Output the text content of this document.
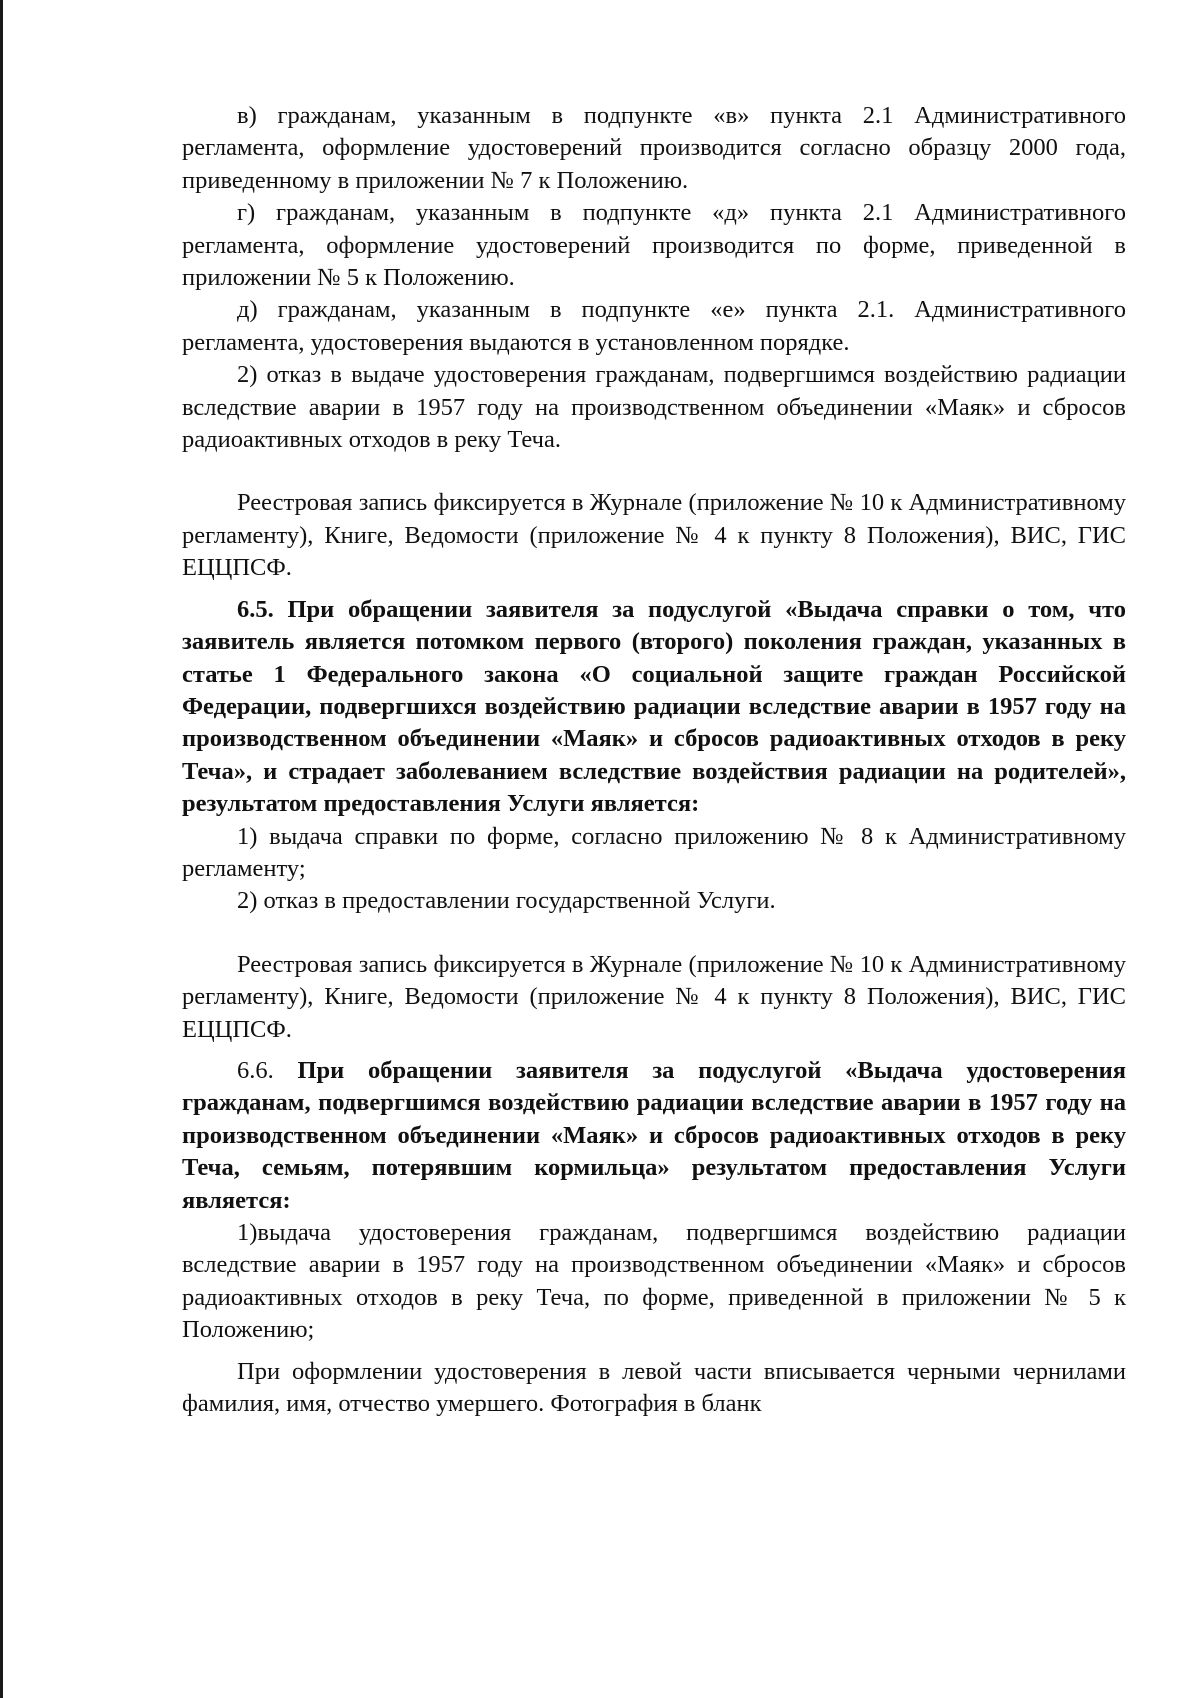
в) гражданам, указанным в подпункте «в» пункта 2.1 Административного регламента, оформление удостоверений производится согласно образцу 2000 года, приведенному в приложении № 7 к Положению.

г) гражданам, указанным в подпункте «д» пункта 2.1 Административного регламента, оформление удостоверений производится по форме, приведенной в приложении № 5 к Положению.

д) гражданам, указанным в подпункте «е» пункта 2.1. Административного регламента, удостоверения выдаются в установленном порядке.

2) отказ в выдаче удостоверения гражданам, подвергшимся воздействию радиации вследствие аварии в 1957 году на производственном объединении «Маяк» и сбросов радиоактивных отходов в реку Теча.

Реестровая запись фиксируется в Журнале (приложение № 10 к Административному регламенту), Книге, Ведомости (приложение № 4 к пункту 8 Положения), ВИС, ГИС ЕЦЦПСФ.

6.5. При обращении заявителя за подуслугой «Выдача справки о том, что заявитель является потомком первого (второго) поколения граждан, указанных в статье 1 Федерального закона «О социальной защите граждан Российской Федерации, подвергшихся воздействию радиации вследствие аварии в 1957 году на производственном объединении «Маяк» и сбросов радиоактивных отходов в реку Теча», и страдает заболеванием вследствие воздействия радиации на родителей», результатом предоставления Услуги является:

1) выдача справки по форме, согласно приложению № 8 к Административному регламенту;

2) отказ в предоставлении государственной Услуги.

Реестровая запись фиксируется в Журнале (приложение № 10 к Административному регламенту), Книге, Ведомости (приложение № 4 к пункту 8 Положения), ВИС, ГИС ЕЦЦПСФ.

6.6. При обращении заявителя за подуслугой «Выдача удостоверения гражданам, подвергшимся воздействию радиации вследствие аварии в 1957 году на производственном объединении «Маяк» и сбросов радиоактивных отходов в реку Теча, семьям, потерявшим кормильца» результатом предоставления Услуги является:

1)выдача удостоверения гражданам, подвергшимся воздействию радиации вследствие аварии в 1957 году на производственном объединении «Маяк» и сбросов радиоактивных отходов в реку Теча, по форме, приведенной в приложении № 5 к Положению;

При оформлении удостоверения в левой части вписывается черными чернилами фамилия, имя, отчество умершего. Фотография в бланк
